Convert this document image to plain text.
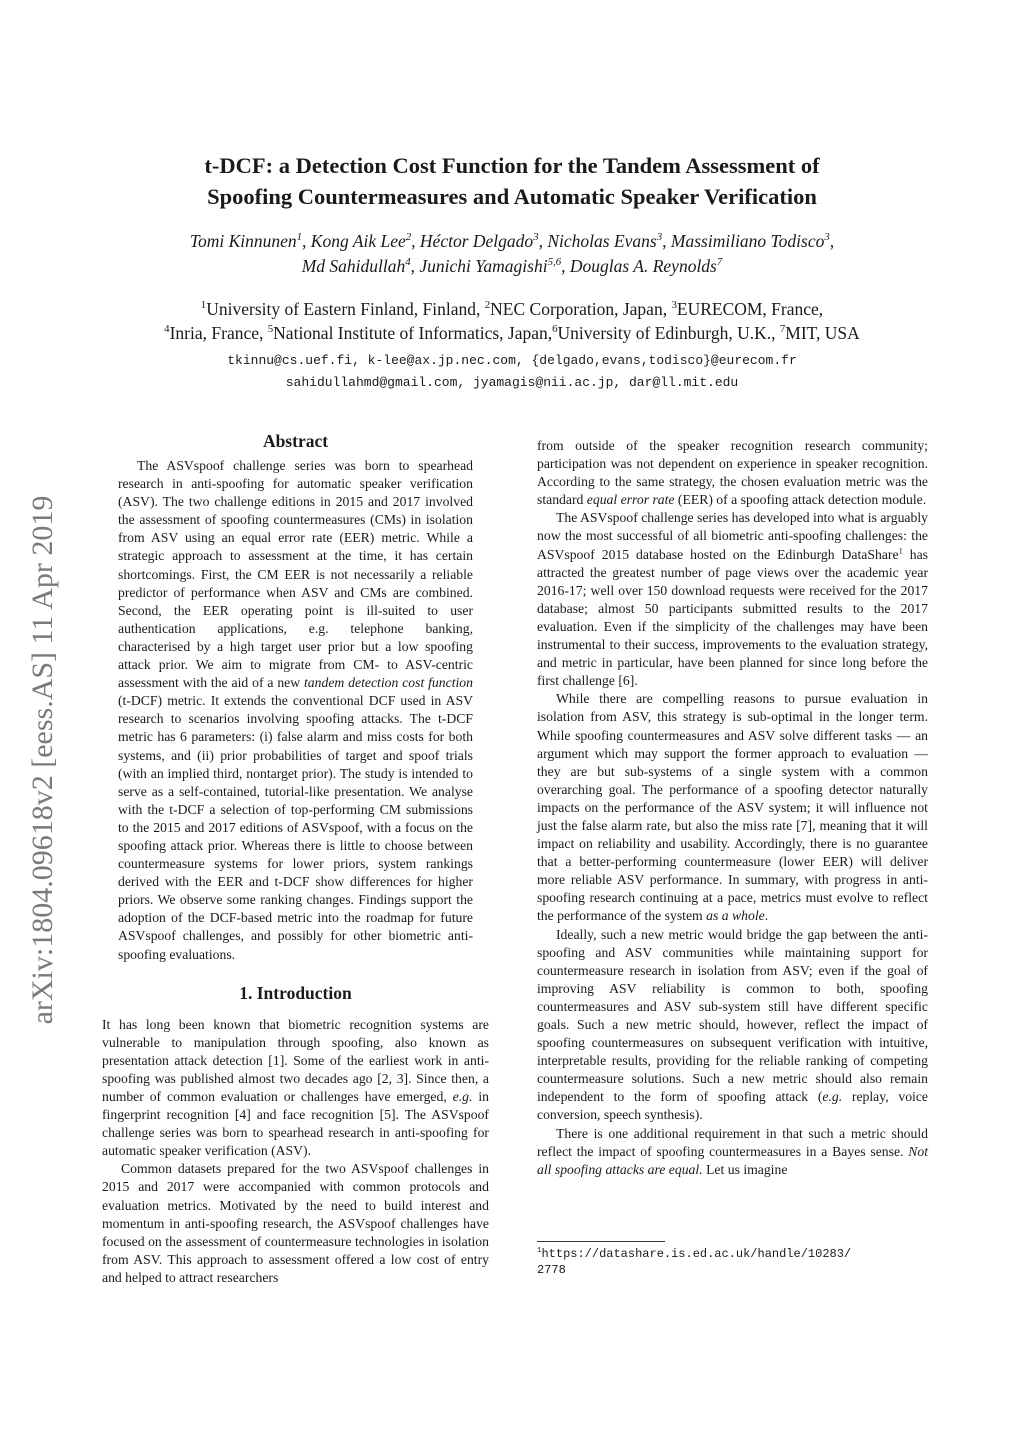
t-DCF: a Detection Cost Function for the Tandem Assessment of
Spoofing Countermeasures and Automatic Speaker Verification
Tomi Kinnunen$^1$, Kong Aik Lee$^2$, Héctor Delgado$^3$, Nicholas Evans$^3$, Massimiliano Todisco$^3$,
Md Sahidullah$^4$, Junichi Yamagishi$^{5,6}$, Douglas A. Reynolds$^7$
$^1$University of Eastern Finland, Finland, $^2$NEC Corporation, Japan, $^3$EURECOM, France,
$^4$Inria, France, $^5$National Institute of Informatics, Japan,$^6$University of Edinburgh, U.K., $^7$MIT, USA
tkinnu@cs.uef.fi, k-lee@ax.jp.nec.com, {delgado,evans,todisco}@eurecom.fr
sahidullahmd@gmail.com, jyamagis@nii.ac.jp, dar@ll.mit.edu
arXiv:1804.09618v2 [eess.AS] 11 Apr 2019
Abstract

The ASVspoof challenge series was born to spearhead research in anti-spoofing for automatic speaker verification (ASV). The two challenge editions in 2015 and 2017 involved the assessment of spoofing countermeasures (CMs) in isolation from ASV using an equal error rate (EER) metric. While a strategic approach to assessment at the time, it has certain shortcomings. First, the CM EER is not necessarily a reliable predictor of performance when ASV and CMs are combined. Second, the EER operating point is ill-suited to user authentication applications, e.g. telephone banking, characterised by a high target user prior but a low spoofing attack prior. We aim to migrate from CM- to ASV-centric assessment with the aid of a new tandem detection cost function (t-DCF) metric. It extends the conventional DCF used in ASV research to scenarios involving spoofing attacks. The t-DCF metric has 6 parameters: (i) false alarm and miss costs for both systems, and (ii) prior probabilities of target and spoof trials (with an implied third, nontarget prior). The study is intended to serve as a self-contained, tutorial-like presentation. We analyse with the t-DCF a selection of top-performing CM submissions to the 2015 and 2017 editions of ASVspoof, with a focus on the spoofing attack prior. Whereas there is little to choose between countermeasure systems for lower priors, system rankings derived with the EER and t-DCF show differences for higher priors. We observe some ranking changes. Findings support the adoption of the DCF-based metric into the roadmap for future ASVspoof challenges, and possibly for other biometric anti-spoofing evaluations.

1. Introduction

It has long been known that biometric recognition systems are vulnerable to manipulation through spoofing, also known as presentation attack detection [1]. Some of the earliest work in anti-spoofing was published almost two decades ago [2, 3]. Since then, a number of common evaluation or challenges have emerged, e.g. in fingerprint recognition [4] and face recognition [5]. The ASVspoof challenge series was born to spearhead research in anti-spoofing for automatic speaker verification (ASV).

Common datasets prepared for the two ASVspoof challenges in 2015 and 2017 were accompanied with common protocols and evaluation metrics. Motivated by the need to build interest and momentum in anti-spoofing research, the ASVspoof challenges have focused on the assessment of countermeasure technologies in isolation from ASV. This approach to assessment offered a low cost of entry and helped to attract researchers

from outside of the speaker recognition research community; participation was not dependent on experience in speaker recognition. According to the same strategy, the chosen evaluation metric was the standard equal error rate (EER) of a spoofing attack detection module.

The ASVspoof challenge series has developed into what is arguably now the most successful of all biometric anti-spoofing challenges: the ASVspoof 2015 database hosted on the Edinburgh DataShare$^1$ has attracted the greatest number of page views over the academic year 2016-17; well over 150 download requests were received for the 2017 database; almost 50 participants submitted results to the 2017 evaluation. Even if the simplicity of the challenges may have been instrumental to their success, improvements to the evaluation strategy, and metric in particular, have been planned for since long before the first challenge [6].

While there are compelling reasons to pursue evaluation in isolation from ASV, this strategy is sub-optimal in the longer term. While spoofing countermeasures and ASV solve different tasks — an argument which may support the former approach to evaluation — they are but sub-systems of a single system with a common overarching goal. The performance of a spoofing detector naturally impacts on the performance of the ASV system; it will influence not just the false alarm rate, but also the miss rate [7], meaning that it will impact on reliability and usability. Accordingly, there is no guarantee that a better-performing countermeasure (lower EER) will deliver more reliable ASV performance. In summary, with progress in anti-spoofing research continuing at a pace, metrics must evolve to reflect the performance of the system as a whole.

Ideally, such a new metric would bridge the gap between the anti-spoofing and ASV communities while maintaining support for countermeasure research in isolation from ASV; even if the goal of improving ASV reliability is common to both, spoofing countermeasures and ASV sub-system still have different specific goals. Such a new metric should, however, reflect the impact of spoofing countermeasures on subsequent verification with intuitive, interpretable results, providing for the reliable ranking of competing countermeasure solutions. Such a new metric should also remain independent to the form of spoofing attack (e.g. replay, voice conversion, speech synthesis).

There is one additional requirement in that such a metric should reflect the impact of spoofing countermeasures in a Bayes sense. Not all spoofing attacks are equal. Let us imagine

$^1$https://datashare.is.ed.ac.uk/handle/10283/
2778
